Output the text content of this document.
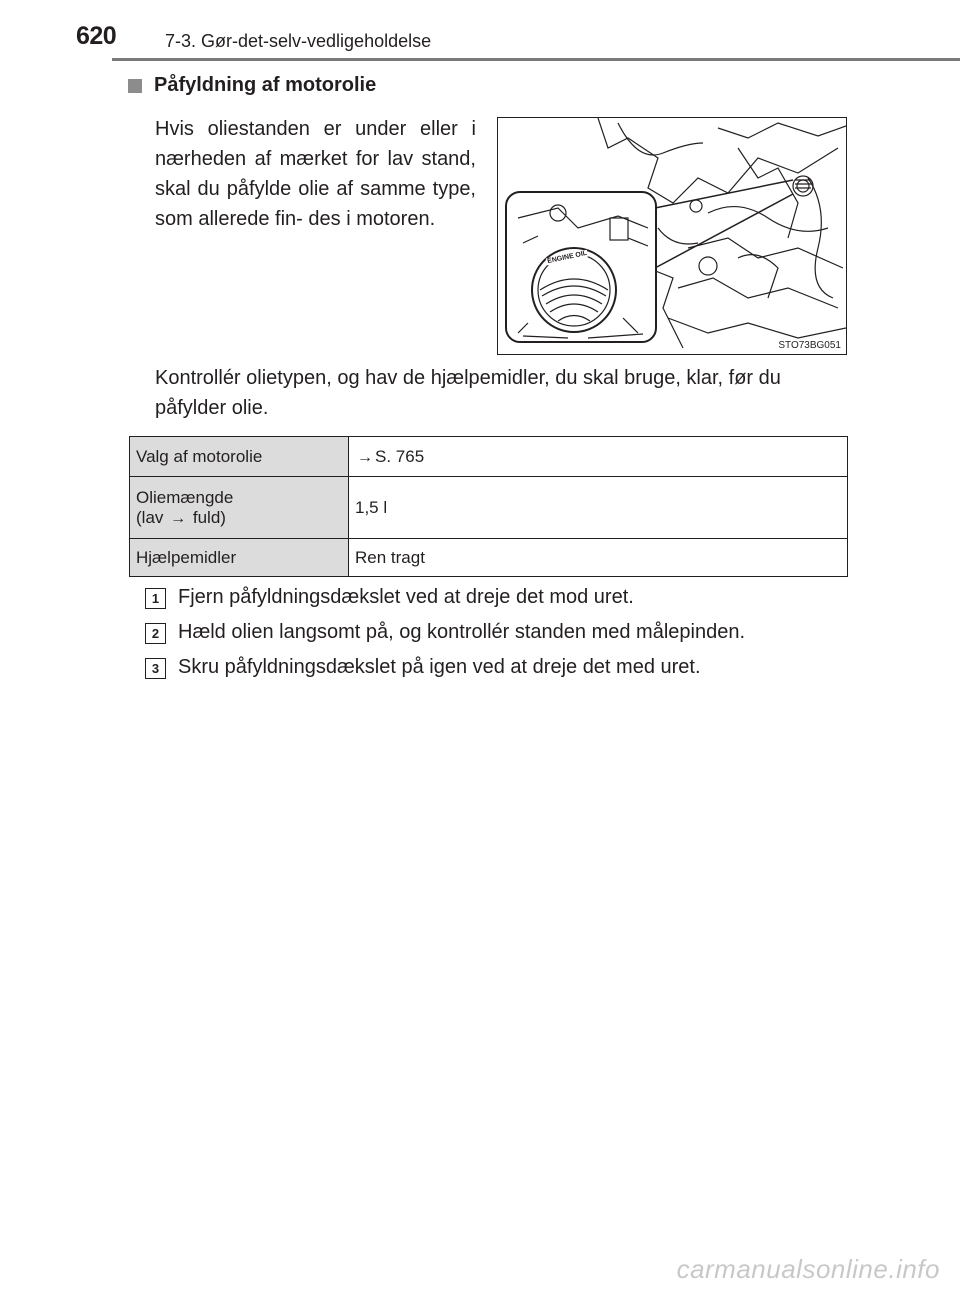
620	7-3. Gør-det-selv-vedligeholdelse
Påfyldning af motorolie

Hvis oliestanden er under eller i nærheden af mærket for lav stand, skal du påfylde olie af samme type, som allerede fin- des i motoren.

ENGINE OIL
STO73BG051

Kontrollér olietypen, og hav de hjælpemidler, du skal bruge, klar, før du påfylder olie.

Valg af motorolie	→ S. 765
Oliemængde
(lav → fuld)	1,5 l
Hjælpemidler	Ren tragt
1 Fjern påfyldningsdækslet ved at dreje det mod uret.
2 Hæld olien langsomt på, og kontrollér standen med målepinden.
3 Skru påfyldningsdækslet på igen ved at dreje det med uret.
carmanualsonline.info
